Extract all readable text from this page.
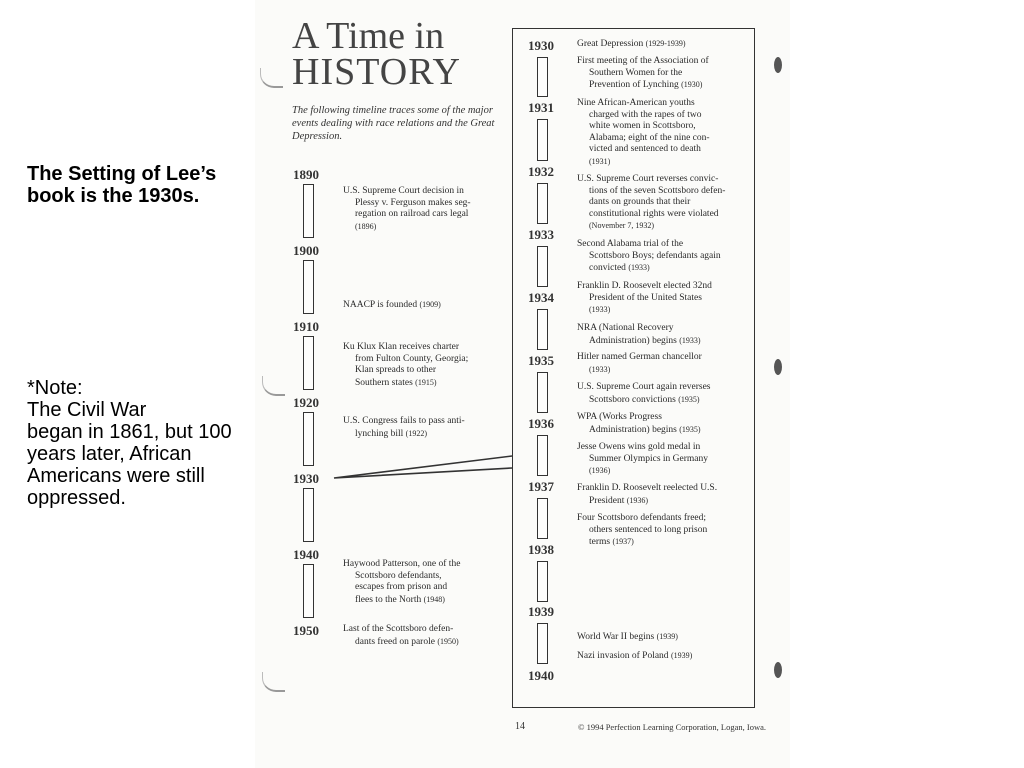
The Setting of Lee’s
book is the 1930s.

*Note:
The Civil War
began in 1861, but 100
years later, African
Americans were still
oppressed.

A Time in
HISTORY
The following timeline traces some of the major events dealing with race relations and the Great Depression.
1890
1900
1910
1920
1930
1940
1950
U.S. Supreme Court decision in
Plessy v. Ferguson makes seg-
regation on railroad cars legal
(1896)
NAACP is founded (1909)
Ku Klux Klan receives charter
from Fulton County, Georgia;
Klan spreads to other
Southern states (1915)
U.S. Congress fails to pass anti-
lynching bill (1922)
Haywood Patterson, one of the
Scottsboro defendants,
escapes from prison and
flees to the North (1948)
Last of the Scottsboro defen-
dants freed on parole (1950)
1930
1931
1932
1933
1934
1935
1936
1937
1938
1939
1940
Great Depression (1929-1939)
First meeting of the Association of
Southern Women for the
Prevention of Lynching (1930)
Nine African-American youths
charged with the rapes of two
white women in Scottsboro,
Alabama; eight of the nine con-
victed and sentenced to death
(1931)
U.S. Supreme Court reverses convic-
tions of the seven Scottsboro defen-
dants on grounds that their
constitutional rights were violated
(November 7, 1932)
Second Alabama trial of the
Scottsboro Boys; defendants again
convicted (1933)
Franklin D. Roosevelt elected 32nd
President of the United States
(1933)
NRA (National Recovery
Administration) begins (1933)
Hitler named German chancellor
(1933)
U.S. Supreme Court again reverses
Scottsboro convictions (1935)
WPA (Works Progress
Administration) begins (1935)
Jesse Owens wins gold medal in
Summer Olympics in Germany
(1936)
Franklin D. Roosevelt reelected U.S.
President (1936)
Four Scottsboro defendants freed;
others sentenced to long prison
terms (1937)
World War II begins (1939)
Nazi invasion of Poland (1939)
14	© 1994 Perfection Learning Corporation, Logan, Iowa.
